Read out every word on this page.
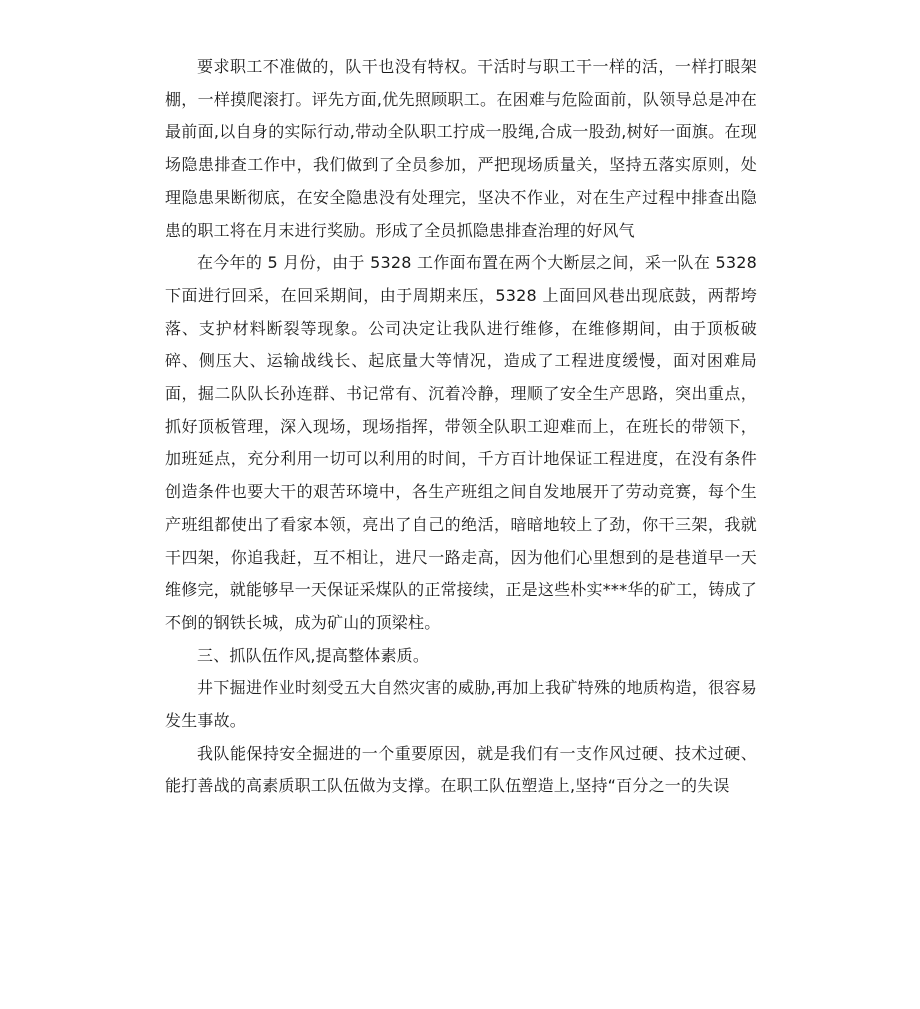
要求职工不准做的，队干也没有特权。干活时与职工干一样的活，一样打眼架棚，一样摸爬滚打。评先方面,优先照顾职工。在困难与危险面前，队领导总是冲在最前面,以自身的实际行动,带动全队职工拧成一股绳,合成一股劲,树好一面旗。在现场隐患排查工作中，我们做到了全员参加，严把现场质量关，坚持五落实原则，处理隐患果断彻底，在安全隐患没有处理完，坚决不作业，对在生产过程中排查出隐患的职工将在月末进行奖励。形成了全员抓隐患排查治理的好风气

在今年的 5 月份，由于 5328 工作面布置在两个大断层之间，采一队在 5328 下面进行回采，在回采期间，由于周期来压，5328 上面回风巷出现底鼓，两帮垮落、支护材料断裂等现象。公司决定让我队进行维修，在维修期间，由于顶板破碎、侧压大、运输战线长、起底量大等情况，造成了工程进度缓慢，面对困难局面，掘二队队长孙连群、书记常有、沉着冷静，理顺了安全生产思路，突出重点，抓好顶板管理，深入现场，现场指挥，带领全队职工迎难而上，在班长的带领下，加班延点，充分利用一切可以利用的时间，千方百计地保证工程进度，在没有条件创造条件也要大干的艰苦环境中，各生产班组之间自发地展开了劳动竞赛，每个生产班组都使出了看家本领，亮出了自己的绝活，暗暗地较上了劲，你干三架，我就干四架，你追我赶，互不相让，进尺一路走高，因为他们心里想到的是巷道早一天维修完，就能够早一天保证采煤队的正常接续，正是这些朴实***华的矿工，铸成了不倒的钢铁长城，成为矿山的顶梁柱。

三、抓队伍作风,提高整体素质。

井下掘进作业时刻受五大自然灾害的威胁,再加上我矿特殊的地质构造，很容易发生事故。

我队能保持安全掘进的一个重要原因，就是我们有一支作风过硬、技术过硬、能打善战的高素质职工队伍做为支撑。在职工队伍塑造上,坚持“百分之一的失误
